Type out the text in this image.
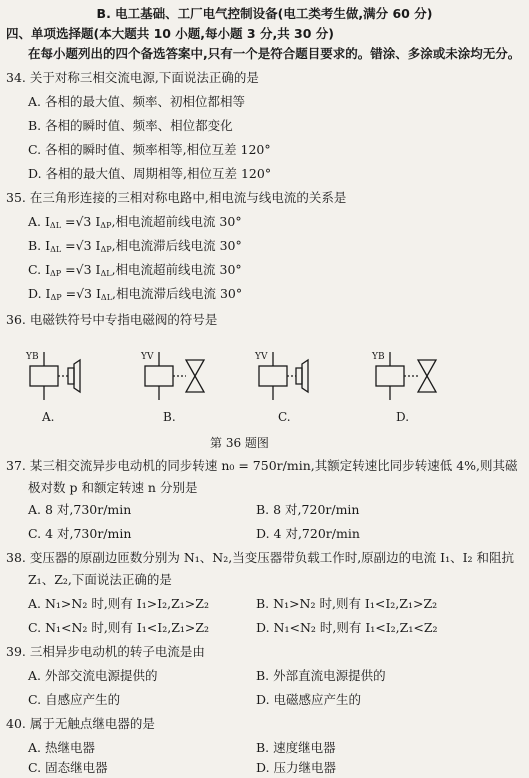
B. 电工基础、工厂电气控制设备(电工类考生做,满分 60 分)
四、单项选择题(本大题共 10 小题,每小题 3 分,共 30 分)
在每小题列出的四个备选答案中,只有一个是符合题目要求的。错涂、多涂或未涂均无分。
34. 关于对称三相交流电源,下面说法正确的是
A. 各相的最大值、频率、初相位都相等
B. 各相的瞬时值、频率、相位都变化
C. 各相的瞬时值、频率相等,相位互差 120°
D. 各相的最大值、周期相等,相位互差 120°
35. 在三角形连接的三相对称电路中,相电流与线电流的关系是
A. $I_{\Delta L} =√3$ $I_{\Delta P}$,相电流超前线电流 30°
B. $I_{\Delta L} =√3$ $I_{\Delta P}$,相电流滞后线电流 30°
C. $I_{\Delta P} =√3$ $I_{\Delta L}$,相电流超前线电流 30°
D. $I_{\Delta P} =√3$ $I_{\Delta L}$,相电流滞后线电流 30°
36. 电磁铁符号中专指电磁阀的符号是
YB	YV	YV	YB
A.	B.	C.	D.
第 36 题图
37. 某三相交流异步电动机的同步转速 n₀ = 750r/min,其额定转速比同步转速低 4%,则其磁
极对数 p 和额定转速 n 分别是
A. 8 对,730r/min	B. 8 对,720r/min
C. 4 对,730r/min	D. 4 对,720r/min
38. 变压器的原副边匝数分别为 N₁、N₂,当变压器带负载工作时,原副边的电流 I₁、I₂ 和阻抗
Z₁、Z₂,下面说法正确的是
A. N₁>N₂ 时,则有 I₁>I₂,Z₁>Z₂	B. N₁>N₂ 时,则有 I₁<I₂,Z₁>Z₂
C. N₁<N₂ 时,则有 I₁<I₂,Z₁>Z₂	D. N₁<N₂ 时,则有 I₁<I₂,Z₁<Z₂
39. 三相异步电动机的转子电流是由
A. 外部交流电源提供的	B. 外部直流电源提供的
C. 自感应产生的	D. 电磁感应产生的
40. 属于无触点继电器的是
A. 热继电器	B. 速度继电器
C. 固态继电器	D. 压力继电器
